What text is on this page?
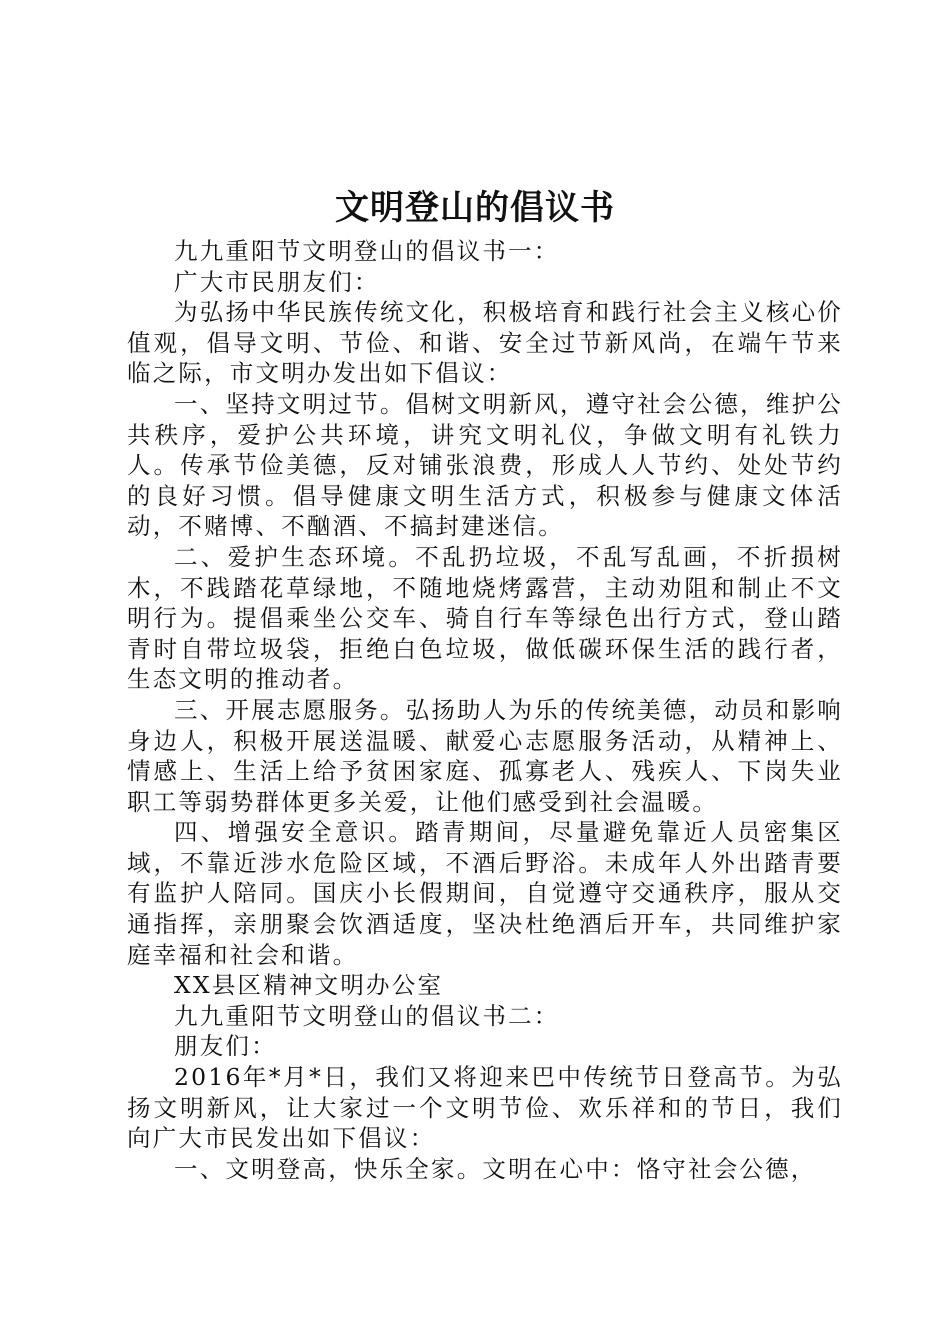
文明登山的倡议书

九九重阳节文明登山的倡议书一：

广大市民朋友们：

为弘扬中华民族传统文化，积极培育和践行社会主义核心价值观，倡导文明、节俭、和谐、安全过节新风尚，在端午节来临之际，市文明办发出如下倡议：

一、坚持文明过节。倡树文明新风，遵守社会公德，维护公共秩序，爱护公共环境，讲究文明礼仪，争做文明有礼铁力人。传承节俭美德，反对铺张浪费，形成人人节约、处处节约的良好习惯。倡导健康文明生活方式，积极参与健康文体活动，不赌博、不酗酒、不搞封建迷信。

二、爱护生态环境。不乱扔垃圾，不乱写乱画，不折损树木，不践踏花草绿地，不随地烧烤露营，主动劝阻和制止不文明行为。提倡乘坐公交车、骑自行车等绿色出行方式，登山踏青时自带垃圾袋，拒绝白色垃圾，做低碳环保生活的践行者，生态文明的推动者。

三、开展志愿服务。弘扬助人为乐的传统美德，动员和影响身边人，积极开展送温暖、献爱心志愿服务活动，从精神上、情感上、生活上给予贫困家庭、孤寡老人、残疾人、下岗失业职工等弱势群体更多关爱，让他们感受到社会温暖。

四、增强安全意识。踏青期间，尽量避免靠近人员密集区域，不靠近涉水危险区域，不酒后野浴。未成年人外出踏青要有监护人陪同。国庆小长假期间，自觉遵守交通秩序，服从交通指挥，亲朋聚会饮酒适度，坚决杜绝酒后开车，共同维护家庭幸福和社会和谐。

XX县区精神文明办公室

九九重阳节文明登山的倡议书二：

朋友们：

2016年*月*日，我们又将迎来巴中传统节日登高节。为弘扬文明新风，让大家过一个文明节俭、欢乐祥和的节日，我们向广大市民发出如下倡议：

一、文明登高，快乐全家。文明在心中：恪守社会公德，
